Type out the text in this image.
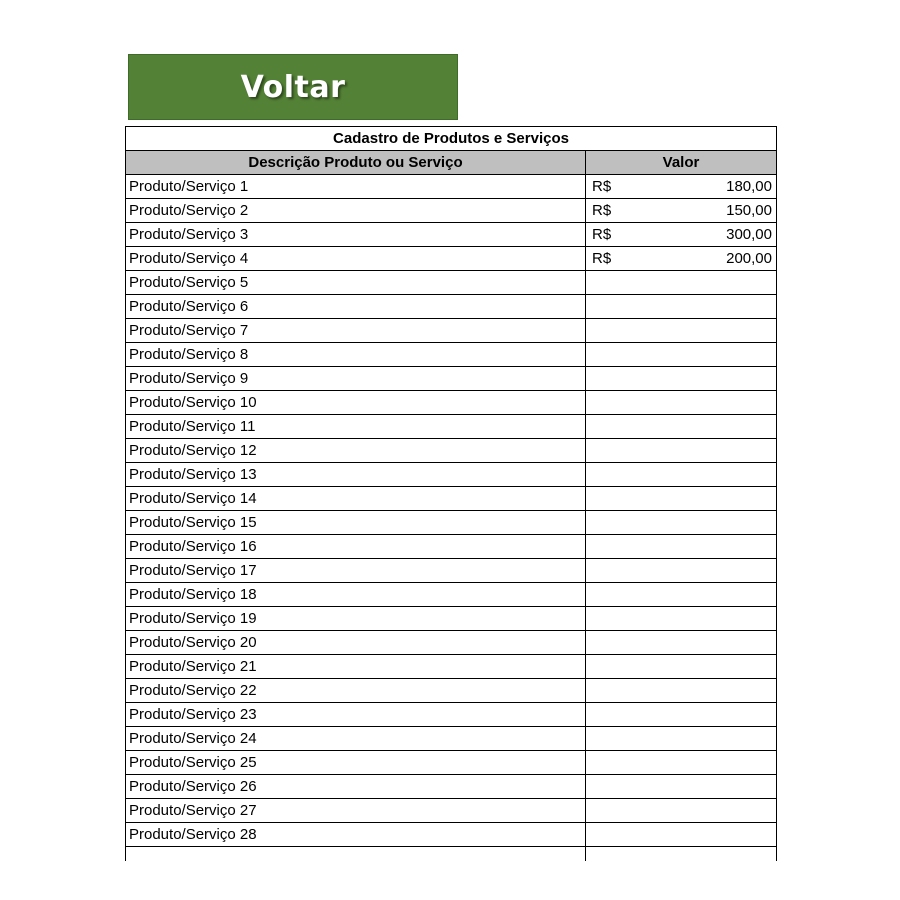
Voltar
Cadastro de Produtos e Serviços	
Descrição Produto ou Serviço	Valor
Produto/Serviço 1	R$ 180,00

Produto/Serviço 2	R$ 150,00

Produto/Serviço 3	R$ 300,00

Produto/Serviço 4	R$ 200,00

Produto/Serviço 5	

Produto/Serviço 6	

Produto/Serviço 7	

Produto/Serviço 8	

Produto/Serviço 9	

Produto/Serviço 10	

Produto/Serviço 11	

Produto/Serviço 12	

Produto/Serviço 13	

Produto/Serviço 14	

Produto/Serviço 15	

Produto/Serviço 16	

Produto/Serviço 17	

Produto/Serviço 18	

Produto/Serviço 19	

Produto/Serviço 20	

Produto/Serviço 21	

Produto/Serviço 22	

Produto/Serviço 23	

Produto/Serviço 24	

Produto/Serviço 25	

Produto/Serviço 26	

Produto/Serviço 27	

Produto/Serviço 28	
